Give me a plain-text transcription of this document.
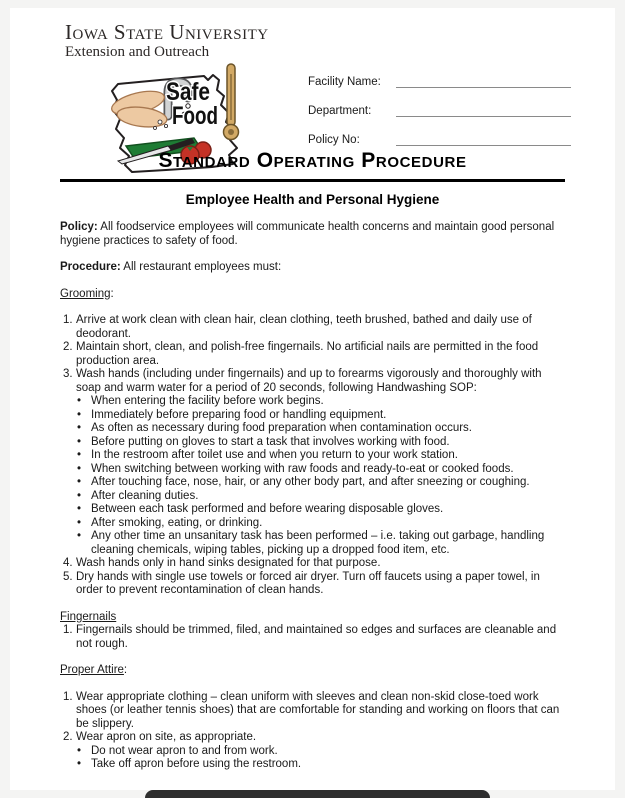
Iowa State University
Extension and Outreach
Safe
Food
Facility Name:
Department:
Policy No:
Standard Operating Procedure
Employee Health and Personal Hygiene

Policy: All foodservice employees will communicate health concerns and maintain good personal hygiene practices to safety of food.

Procedure: All restaurant employees must:

Grooming:

1. Arrive at work clean with clean hair, clean clothing, teeth brushed, bathed and daily use of deodorant.
2. Maintain short, clean, and polish-free fingernails. No artificial nails are permitted in the food production area.
3. Wash hands (including under fingernails) and up to forearms vigorously and thoroughly with soap and warm water for a period of 20 seconds, following Handwashing SOP:
• When entering the facility before work begins.
• Immediately before preparing food or handling equipment.
• As often as necessary during food preparation when contamination occurs.
• Before putting on gloves to start a task that involves working with food.
• In the restroom after toilet use and when you return to your work station.
• When switching between working with raw foods and ready-to-eat or cooked foods.
• After touching face, nose, hair, or any other body part, and after sneezing or coughing.
• After cleaning duties.
• Between each task performed and before wearing disposable gloves.
• After smoking, eating, or drinking.
• Any other time an unsanitary task has been performed – i.e. taking out garbage, handling cleaning chemicals, wiping tables, picking up a dropped food item, etc.
4. Wash hands only in hand sinks designated for that purpose.
5. Dry hands with single use towels or forced air dryer. Turn off faucets using a paper towel, in order to prevent recontamination of clean hands.

Fingernails

1. Fingernails should be trimmed, filed, and maintained so edges and surfaces are cleanable and not rough.

Proper Attire:

1. Wear appropriate clothing – clean uniform with sleeves and clean non-skid close-toed work shoes (or leather tennis shoes) that are comfortable for standing and working on floors that can be slippery.
2. Wear apron on site, as appropriate.
• Do not wear apron to and from work.
• Take off apron before using the restroom.
